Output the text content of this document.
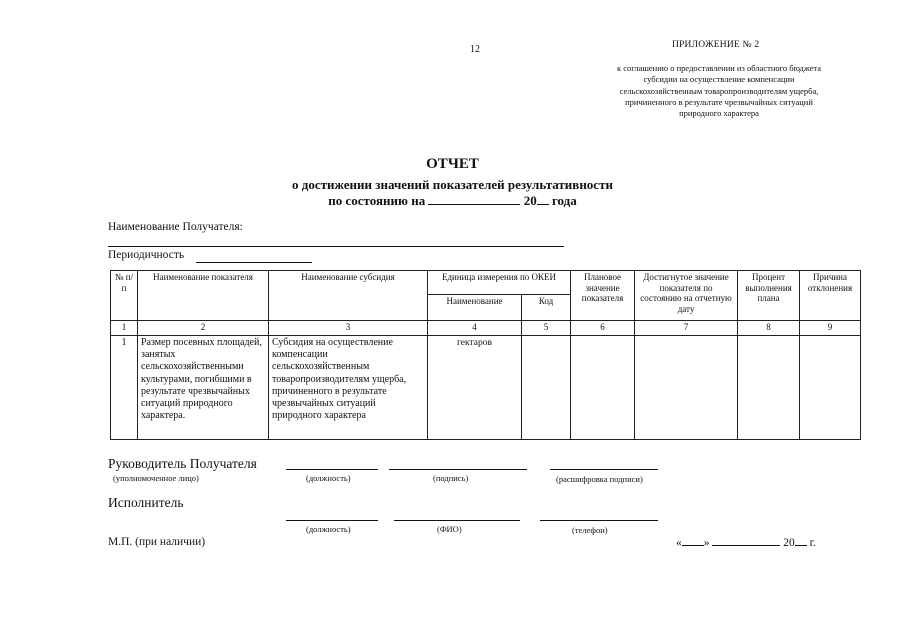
12	ПРИЛОЖЕНИЕ № 2
к соглашению о предоставлении из областного бюджета
субсидии на осуществление компенсации
сельскохозяйственным товаропроизводителям ущерба,
причиненного в результате чрезвычайных ситуаций
природного характера
ОТЧЕТ
о достижении значений показателей результативности
по состоянию на	20 года
Наименование Получателя:
Периодичность
№ п/п	Наименование показателя	Наименование субсидия	Единица измерения по ОКЕИ		Плановое значение показателя	Достигнутое значение показателя по состоянию на отчетную дату	Процент выполнения плана	Причина отклонения
			Наименование	Код				
1	2	3	4	5	6	7	8	9
1	Размер посевных площадей, занятых сельскохозяйственными культурами, погибшими в результате чрезвычайных ситуаций природного характера.	Субсидия на осуществление компенсации сельскохозяйственным товаропроизводителям ущерба, причиненного в результате чрезвычайных ситуаций природного характера	гектаров					
Руководитель Получателя
(уполномоченное лицо)	(должность)	(подпись)	(расшифровка подписи)
Исполнитель
(должность)	(ФИО)	(телефон)
М.П. (при наличии)	« »	20 г.
